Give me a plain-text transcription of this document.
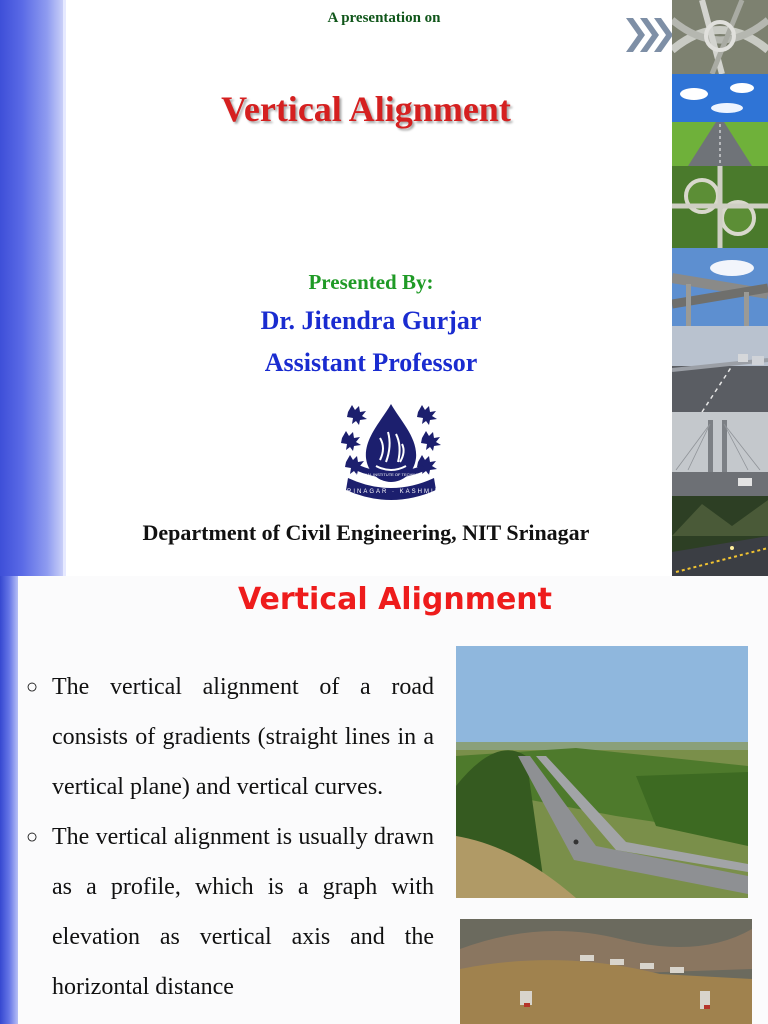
A presentation on
Vertical Alignment
Presented By:
Dr. Jitendra Gurjar
Assistant Professor
SRINAGAR · KASHMIR
NATIONAL INSTITUTE OF TECHNOLOGY
Department of Civil Engineering, NIT Srinagar
Vertical Alignment
○ The vertical alignment of a road consists of gradients (straight lines in a vertical plane) and vertical curves.
○ The vertical alignment is usually drawn as a profile, which is a graph with elevation as vertical axis and the horizontal distance
